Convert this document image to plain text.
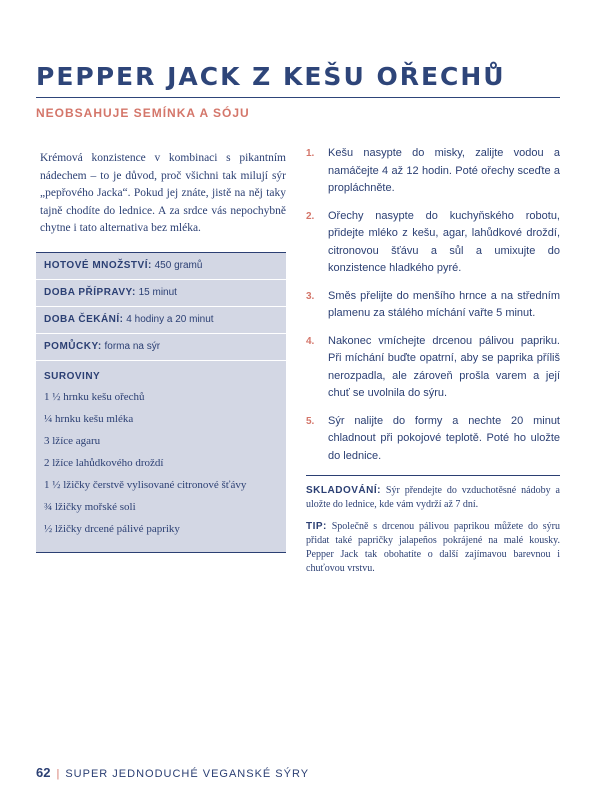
PEPPER JACK Z KEŠU OŘECHŮ
NEOBSAHUJE SEMÍNKA A SÓJU

Krémová konzistence v kombinaci s pikantním nádechem – to je důvod, proč všichni tak milují sýr „pepřového Jacka“. Pokud jej znáte, jistě na něj taky tajně chodíte do lednice. A za srdce vás nepochybně chytne i tato alternativa bez mléka.

HOTOVÉ MNOŽSTVÍ: 450 gramů
DOBA PŘÍPRAVY: 15 minut
DOBA ČEKÁNÍ: 4 hodiny a 20 minut
POMŮCKY: forma na sýr
SUROVINY
1 ½ hrnku kešu ořechů
¼ hrnku kešu mléka
3 lžíce agaru
2 lžíce lahůdkového droždí
1 ½ lžičky čerstvě vylisované citronové šťávy
¾ lžičky mořské soli
½ lžičky drcené pálivé papriky
1. Kešu nasypte do misky, zalijte vodou a namáčejte 4 až 12 hodin. Poté ořechy sceďte a propláchněte.
2. Ořechy nasypte do kuchyňského robotu, přidejte mléko z kešu, agar, lahůdkové droždí, citronovou šťávu a sůl a umixujte do konzistence hladkého pyré.
3. Směs přelijte do menšího hrnce a na středním plamenu za stálého míchání vařte 5 minut.
4. Nakonec vmíchejte drcenou pálivou papriku. Při míchání buďte opatrní, aby se paprika příliš nerozpadla, ale zároveň prošla varem a její chuť se uvolnila do sýru.
5. Sýr nalijte do formy a nechte 20 minut chladnout při pokojové teplotě. Poté ho uložte do lednice.

SKLADOVÁNÍ: Sýr přendejte do vzduchotěsné nádoby a uložte do lednice, kde vám vydrží až 7 dní.

TIP: Společně s drcenou pálivou paprikou můžete do sýru přidat také papričky jalapeños pokrájené na malé kousky. Pepper Jack tak obohatíte o další zajímavou barevnou i chuťovou vrstvu.

62 | SUPER JEDNODUCHÉ VEGANSKÉ SÝRY
